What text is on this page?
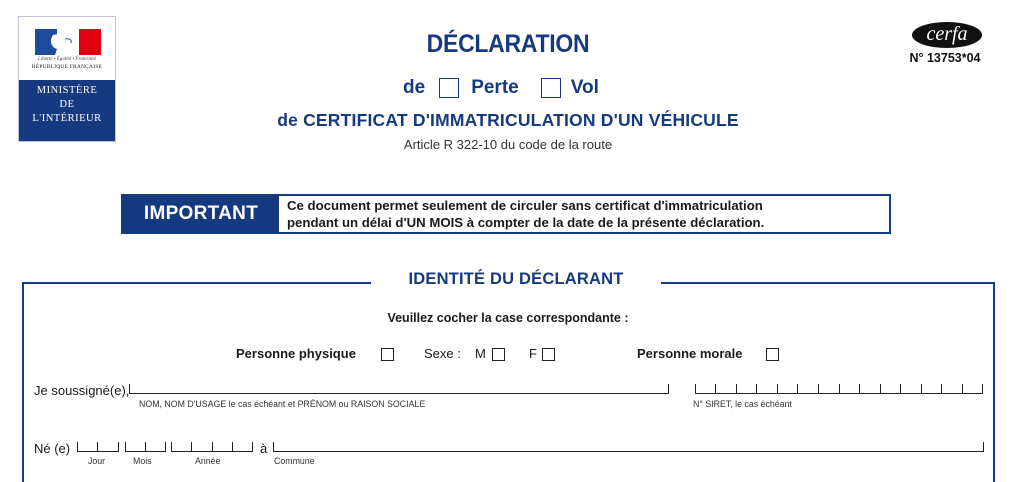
Liberté • Égalité • Fraternité
RÉPUBLIQUE FRANÇAISE
MINISTÈRE
DE
L'INTÉRIEUR
cerfa
N° 13753*04
DÉCLARATION
de Perte	Vol
de CERTIFICAT D'IMMATRICULATION D'UN VÉHICULE
Article R 322-10 du code de la route
IMPORTANT	Ce document permet seulement de circuler sans certificat d'immatriculation
pendant un délai d'UN MOIS à compter de la date de la présente déclaration.
IDENTITÉ DU DÉCLARANT
Veuillez cocher la case correspondante :
Personne physique	Sexe : M	F	Personne morale
Je soussigné(e),
NOM, NOM D'USAGE le cas échéant et PRÉNOM ou RAISON SOCIALE	N° SIRET, le cas échéant
Né (e)
Jour	Mois	Année
à
Commune
